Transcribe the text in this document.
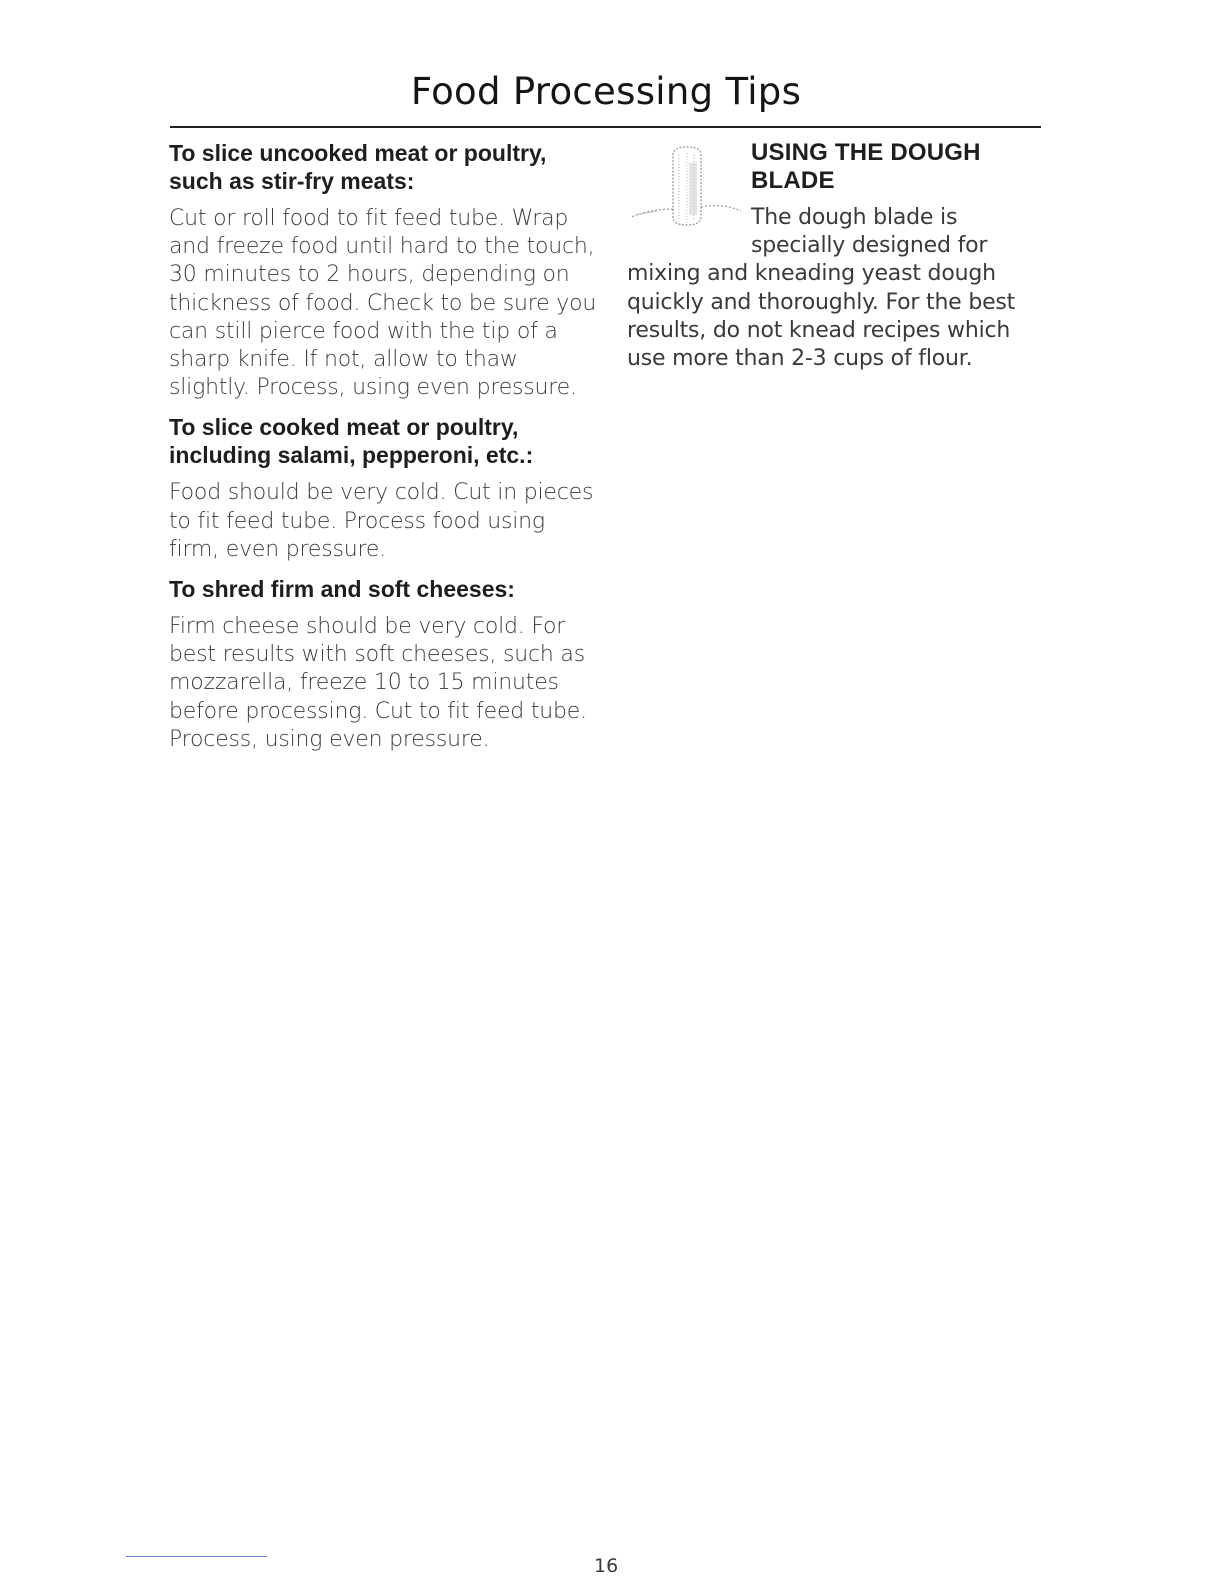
Food Processing Tips
To slice uncooked meat or poultry, such as stir-fry meats:

Cut or roll food to fit feed tube. Wrap and freeze food until hard to the touch, 30 minutes to 2 hours, depending on thickness of food. Check to be sure you can still pierce food with the tip of a sharp knife. If not, allow to thaw slightly. Process, using even pressure.

To slice cooked meat or poultry, including salami, pepperoni, etc.:

Food should be very cold. Cut in pieces to fit feed tube. Process food using firm, even pressure.

To shred firm and soft cheeses:

Firm cheese should be very cold. For best results with soft cheeses, such as mozzarella, freeze 10 to 15 minutes before processing. Cut to fit feed tube. Process, using even pressure.

USING THE DOUGH BLADE

The dough blade is specially designed for mixing and kneading yeast dough quickly and thoroughly. For the best results, do not knead recipes which use more than 2-3 cups of flour.

16
